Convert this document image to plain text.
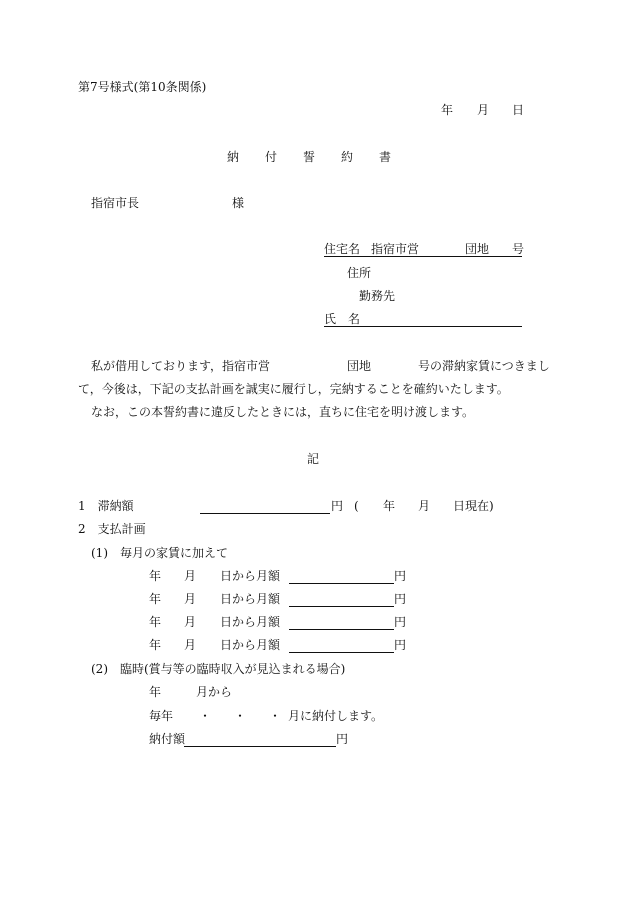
第7号様式(第10条関係)
年 月 日
納 付 誓 約 書
指宿市長	様
住宅名 指宿市営	団地 号
住所
勤務先
氏　名
私が借用しております，指宿市営	団地	号の滞納家賃につきまし
て，今後は，下記の支払計画を誠実に履行し，完納することを確約いたします。
なお，この本誓約書に違反したときには，直ちに住宅を明け渡します。
記
1　滞納額	円 ( 年 月 日現在)
2　支払計画
(1)　毎月の家賃に加えて
年 月 日から月額	円
年 月 日から月額	円
年 月 日から月額	円
年 月 日から月額	円
(2)　臨時(賞与等の臨時収入が見込まれる場合)
年	月から
毎年 ・ ・ ・ 月に納付します。
納付額	円
